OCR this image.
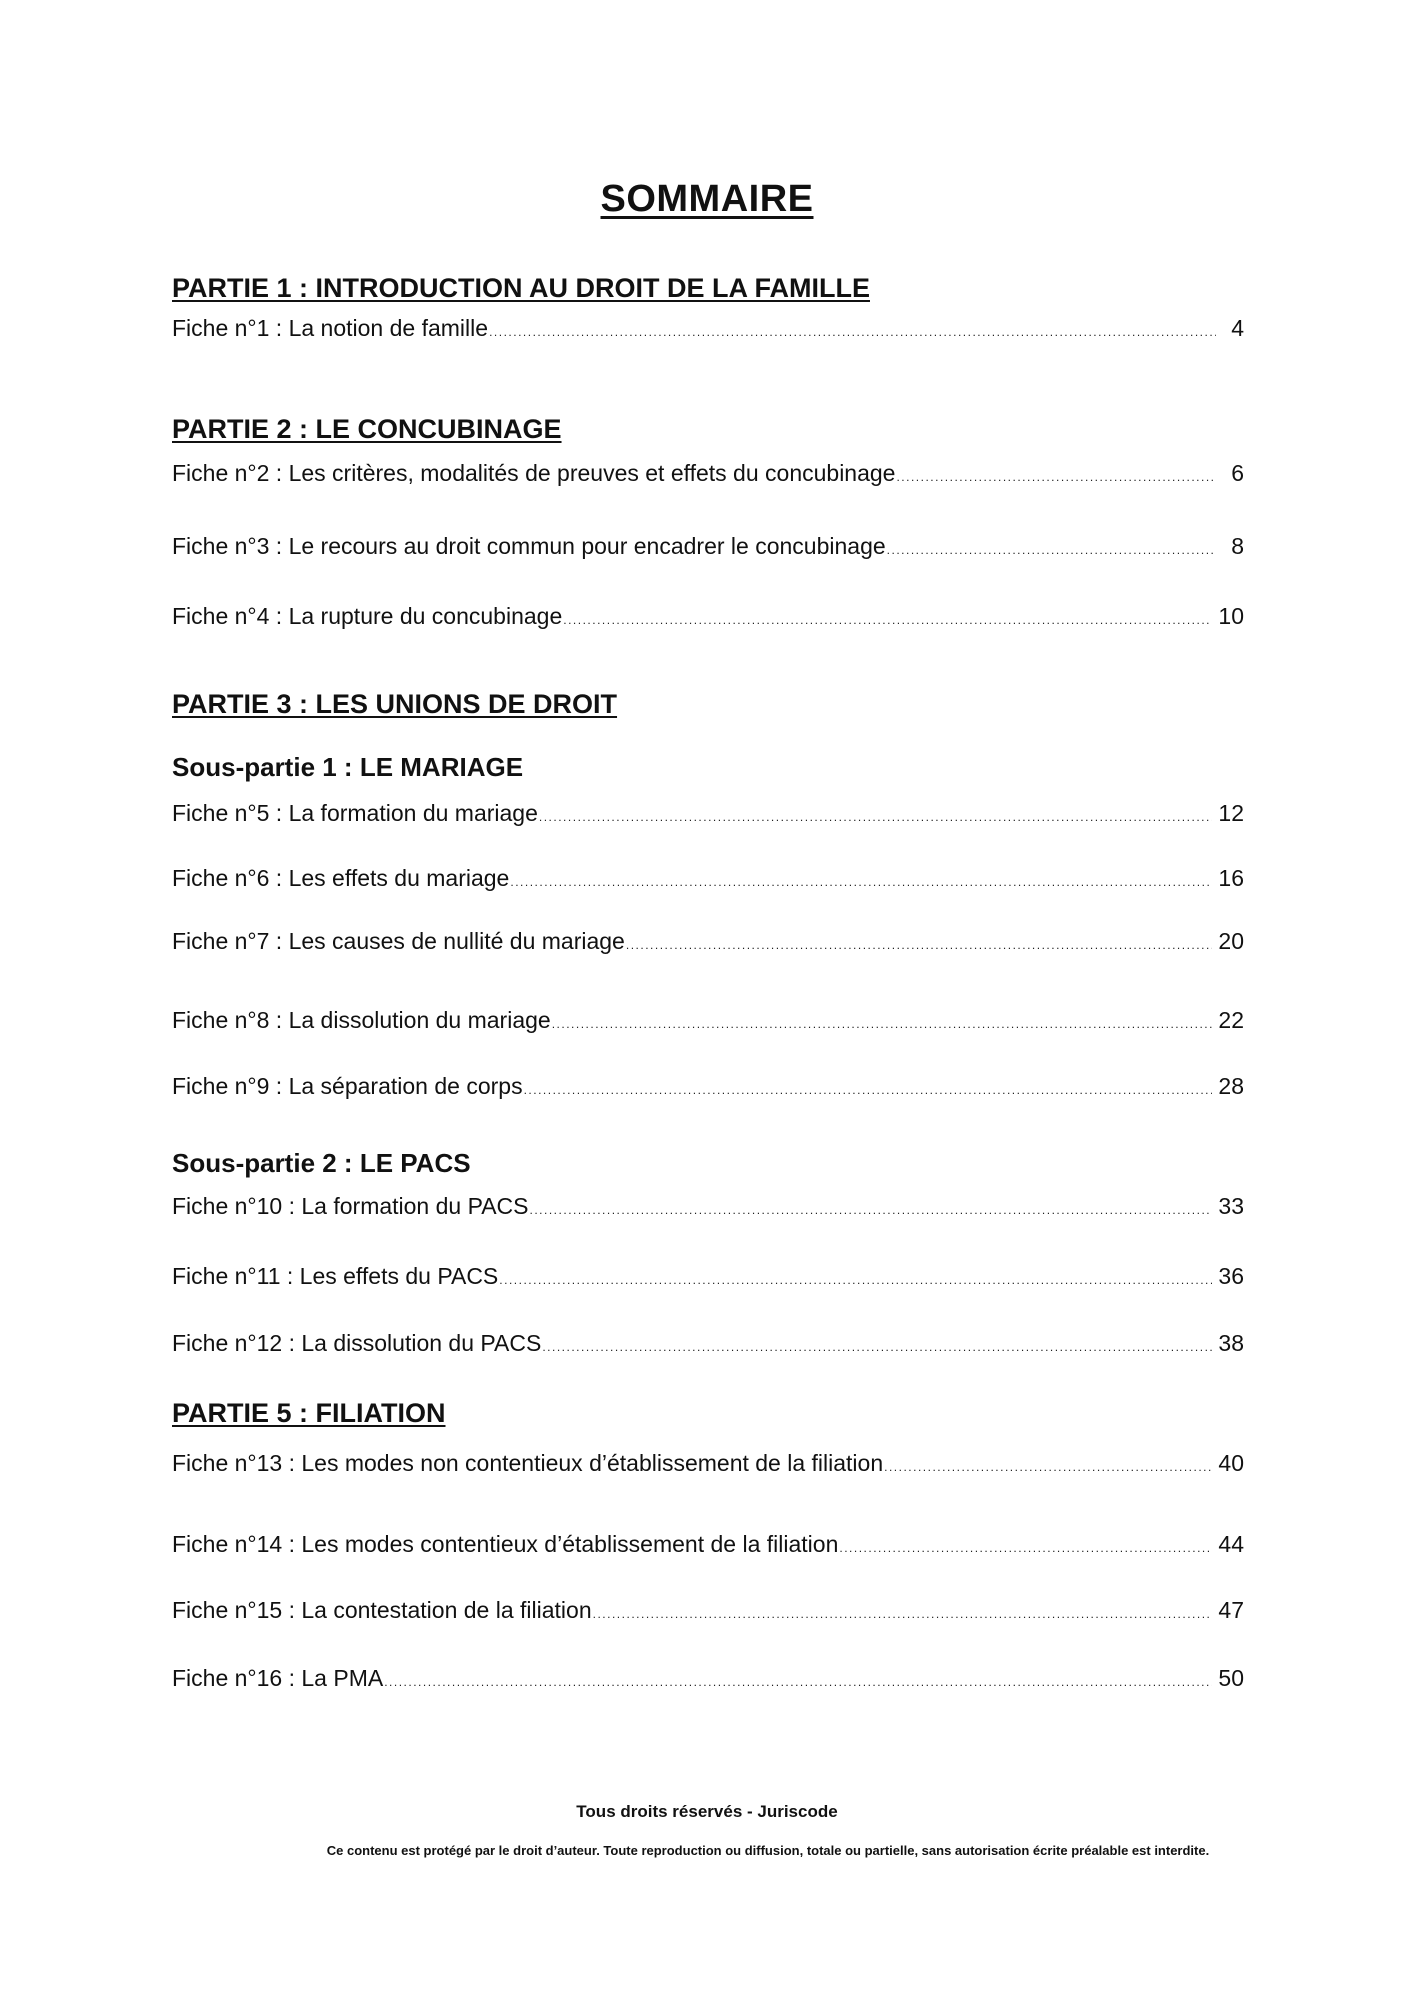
SOMMAIRE
PARTIE 1 : INTRODUCTION AU DROIT DE LA FAMILLE
Fiche n°1 : La notion de famille .....	4
PARTIE 2 : LE CONCUBINAGE
Fiche n°2 : Les critères, modalités de preuves et effets du concubinage .....	6
Fiche n°3 : Le recours au droit commun pour encadrer le concubinage .....	8
Fiche n°4 : La rupture du concubinage .....	10
PARTIE 3 : LES UNIONS DE DROIT
Sous-partie 1 : LE MARIAGE
Fiche n°5 : La formation du mariage .....	12
Fiche n°6 : Les effets du mariage .....	16
Fiche n°7 : Les causes de nullité du mariage .....	20
Fiche n°8 : La dissolution du mariage .....	22
Fiche n°9 : La séparation de corps .....	28
Sous-partie 2 : LE PACS
Fiche n°10 : La formation du PACS .....	33
Fiche n°11 : Les effets du PACS .....	36
Fiche n°12 : La dissolution du PACS .....	38
PARTIE 5 : FILIATION
Fiche n°13 : Les modes non contentieux d’établissement de la filiation .....	40
Fiche n°14 : Les modes contentieux d’établissement de la filiation .....	44
Fiche n°15 : La contestation de la filiation .....	47
Fiche n°16 : La PMA .....	50
Tous droits réservés - Juriscode
Ce contenu est protégé par le droit d’auteur. Toute reproduction ou diffusion, totale ou partielle, sans autorisation écrite préalable est interdite.
